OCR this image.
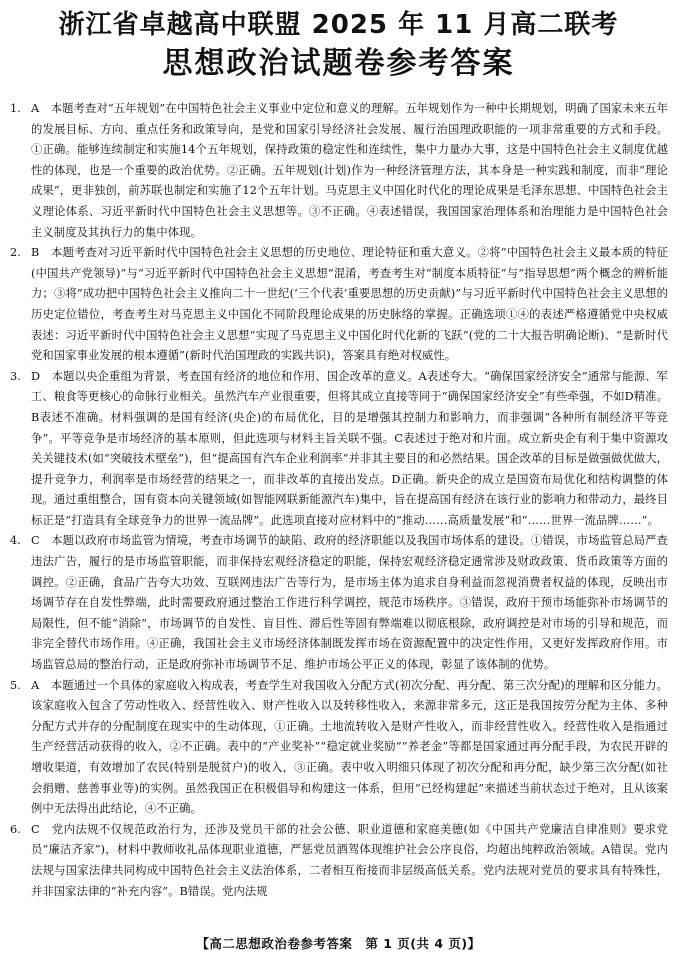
浙江省卓越高中联盟 2025 年 11 月高二联考
思想政治试题卷参考答案

1. A　本题考查对“五年规划”在中国特色社会主义事业中定位和意义的理解。五年规划作为一种中长期规划，明确了国家未来五年的发展目标、方向、重点任务和政策导向，是党和国家引导经济社会发展、履行治国理政职能的一项非常重要的方式和手段。①正确。能够连续制定和实施14个五年规划，保持政策的稳定性和连续性，集中力量办大事，这是中国特色社会主义制度优越性的体现，也是一个重要的政治优势。②正确。五年规划(计划)作为一种经济管理方法，其本身是一种实践和制度，而非“理论成果”，更非独创，前苏联也制定和实施了12个五年计划。马克思主义中国化时代化的理论成果是毛泽东思想、中国特色社会主义理论体系、习近平新时代中国特色社会主义思想等。③不正确。④表述错误，我国国家治理体系和治理能力是中国特色社会主义制度及其执行力的集中体现。

2. B　本题考查对习近平新时代中国特色社会主义思想的历史地位、理论特征和重大意义。②将“中国特色社会主义最本质的特征(中国共产党领导)”与“习近平新时代中国特色社会主义思想”混淆，考查考生对“制度本质特征”与“指导思想”两个概念的辨析能力；③将“成功把中国特色社会主义推向二十一世纪(‘三个代表’重要思想的历史贡献)”与习近平新时代中国特色社会主义思想的历史定位错位，考查考生对马克思主义中国化不同阶段理论成果的历史脉络的掌握。正确选项①④的表述严格遵循党中央权威表述：习近平新时代中国特色社会主义思想“实现了马克思主义中国化时代化新的飞跃”(党的二十大报告明确论断)、“是新时代党和国家事业发展的根本遵循”(新时代治国理政的实践共识)，答案具有绝对权威性。

3. D　本题以央企重组为背景，考查国有经济的地位和作用、国企改革的意义。A表述夸大。“确保国家经济安全”通常与能源、军工、粮食等更核心的命脉行业相关。虽然汽车产业很重要，但将其成立直接等同于“确保国家经济安全”有些牵强，不如D精准。B表述不准确。材料强调的是国有经济(央企)的布局优化，目的是增强其控制力和影响力，而非强调“各种所有制经济平等竞争”。平等竞争是市场经济的基本原则，但此选项与材料主旨关联不强。C表述过于绝对和片面。成立新央企有利于集中资源攻关关键技术(如“突破技术壁垒”)，但“提高国有汽车企业利润率”并非其主要目的和必然结果。国企改革的目标是做强做优做大，提升竞争力，利润率是市场经营的结果之一，而非改革的直接出发点。D正确。新央企的成立是国资布局优化和结构调整的体现。通过重组整合，国有资本向关键领域(如智能网联新能源汽车)集中，旨在提高国有经济在该行业的影响力和带动力，最终目标正是“打造具有全球竞争力的世界一流品牌”。此选项直接对应材料中的“推动……高质量发展”和“……世界一流品牌……”。

4. C　本题以政府市场监管为情境，考查市场调节的缺陷、政府的经济职能以及我国市场体系的建设。①错误，市场监管总局严查违法广告，履行的是市场监管职能，而非保持宏观经济稳定的职能，保持宏观经济稳定通常涉及财政政策、货币政策等方面的调控。②正确，食品广告夸大功效、互联网违法广告等行为，是市场主体为追求自身利益而忽视消费者权益的体现，反映出市场调节存在自发性弊端，此时需要政府通过整治工作进行科学调控，规范市场秩序。③错误，政府干预市场能弥补市场调节的局限性，但不能“消除”，市场调节的自发性、盲目性、滞后性等固有弊端难以彻底根除，政府调控是对市场的引导和规范，而非完全替代市场作用。④正确，我国社会主义市场经济体制既发挥市场在资源配置中的决定性作用，又更好发挥政府作用。市场监管总局的整治行动，正是政府弥补市场调节不足、维护市场公平正义的体现，彰显了该体制的优势。

5. A　本题通过一个具体的家庭收入构成表，考查学生对我国收入分配方式(初次分配、再分配、第三次分配)的理解和区分能力。该家庭收入包含了劳动性收入、经营性收入、财产性收入以及转移性收入，来源非常多元，这正是我国按劳分配为主体、多种分配方式并存的分配制度在现实中的生动体现，①正确。土地流转收入是财产性收入，而非经营性收入。经营性收入是指通过生产经营活动获得的收入，②不正确。表中的“产业奖补”“稳定就业奖励”“养老金”等都是国家通过再分配手段，为农民开辟的增收渠道，有效增加了农民(特别是脱贫户)的收入，③正确。表中收入明细只体现了初次分配和再分配，缺少第三次分配(如社会捐赠、慈善事业等)的实例。虽然我国正在积极倡导和构建这一体系，但用“已经构建起”来描述当前状态过于绝对，且从该案例中无法得出此结论，④不正确。

6. C　党内法规不仅规范政治行为，还涉及党员干部的社会公德、职业道德和家庭美德(如《中国共产党廉洁自律准则》要求党员“廉洁齐家”)，材料中教师收礼品体现职业道德，严惩党员酒驾体现维护社会公序良俗，均超出纯粹政治领域。A错误。党内法规与国家法律共同构成中国特色社会主义法治体系，二者相互衔接而非层级高低关系。党内法规对党员的要求具有特殊性，并非国家法律的“补充内容”。B错误。党内法规

【高二思想政治卷参考答案　第 1 页(共 4 页)】
